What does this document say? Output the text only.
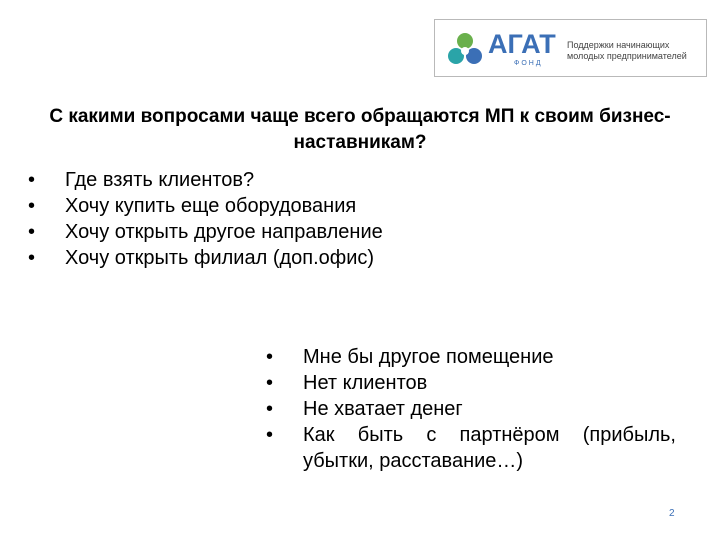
АГАТ
ФОНД
Поддержки начинающих молодых предпринимателей
С какими вопросами чаще всего обращаются МП к своим бизнес-наставникам?
• Где взять клиентов?
• Хочу купить еще оборудования
• Хочу открыть другое направление
• Хочу открыть филиал (доп.офис)
• Мне бы другое помещение
• Нет клиентов
• Не хватает денег
• Как быть с партнёром (прибыль, убытки, расставание…)
2
